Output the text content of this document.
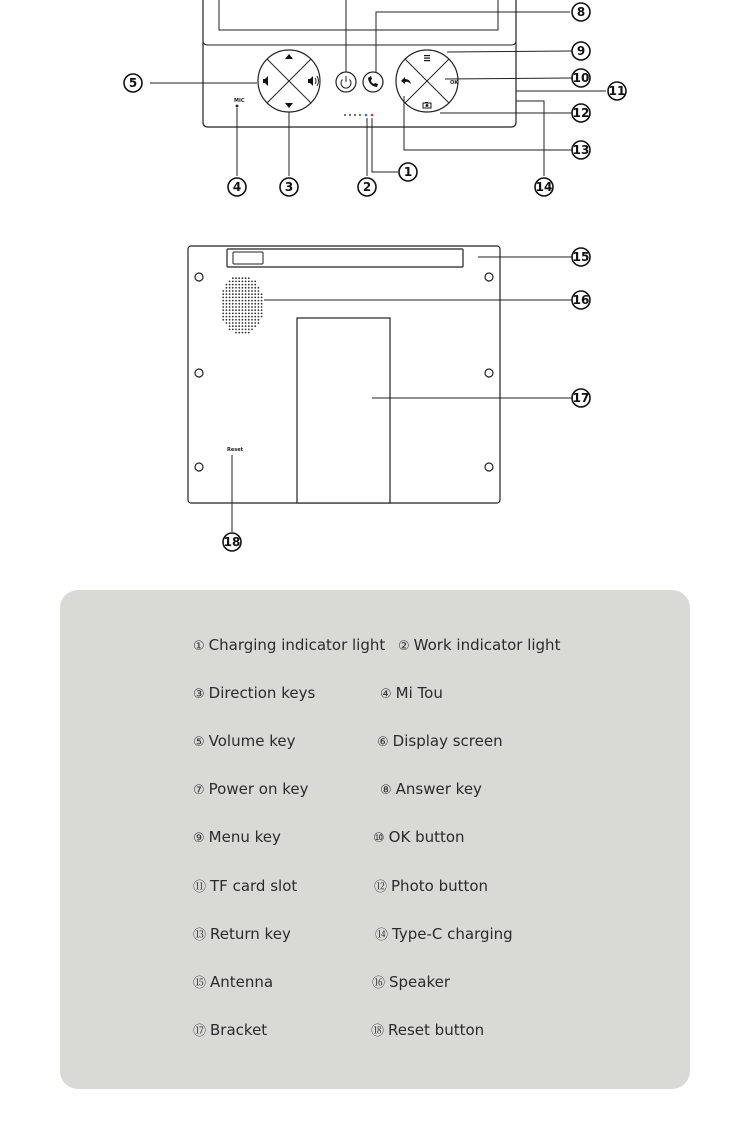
OK
MIC
Reset
1
2
3
4
5
8
9
10
11
12
13
14
15
16
17
18
① Charging indicator light ② Work indicator light
③ Direction keys	④ Mi Tou
⑤ Volume key	⑥ Display screen
⑦ Power on key	⑧ Answer key
⑨ Menu key	⑩ OK button
⑪ TF card slot	⑫ Photo button
⑬ Return key	⑭ Type-C charging
⑮ Antenna	⑯ Speaker
⑰ Bracket	⑱ Reset button
